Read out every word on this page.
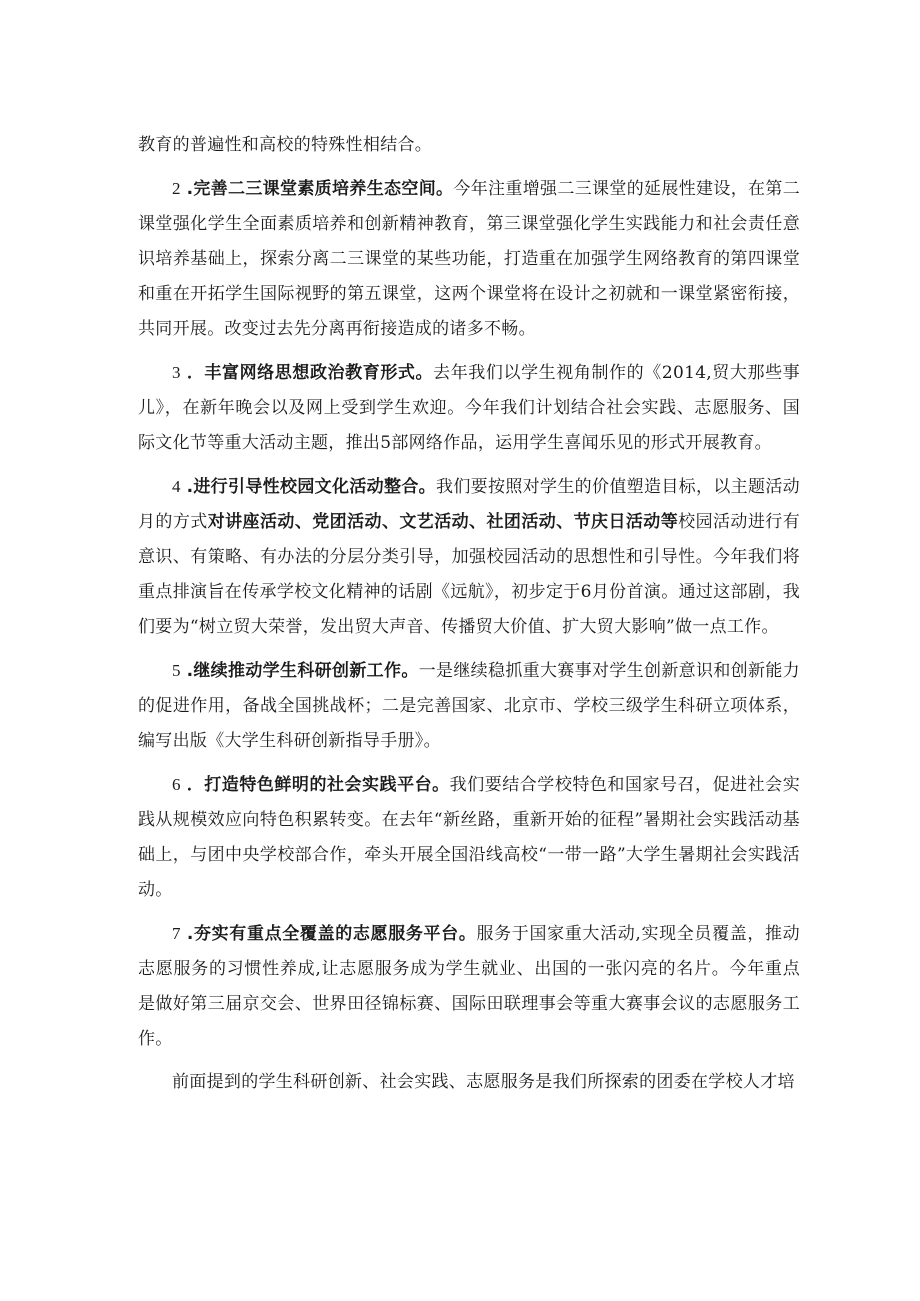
教育的普遍性和高校的特殊性相结合。

2 .完善二三课堂素质培养生态空间。今年注重增强二三课堂的延展性建设，在第二课堂强化学生全面素质培养和创新精神教育，第三课堂强化学生实践能力和社会责任意识培养基础上，探索分离二三课堂的某些功能，打造重在加强学生网络教育的第四课堂和重在开拓学生国际视野的第五课堂，这两个课堂将在设计之初就和一课堂紧密衔接，共同开展。改变过去先分离再衔接造成的诸多不畅。

3 ．丰富网络思想政治教育形式。去年我们以学生视角制作的《2014,贸大那些事儿》，在新年晚会以及网上受到学生欢迎。今年我们计划结合社会实践、志愿服务、国际文化节等重大活动主题，推出5部网络作品，运用学生喜闻乐见的形式开展教育。

4 .进行引导性校园文化活动整合。我们要按照对学生的价值塑造目标，以主题活动月的方式对讲座活动、党团活动、文艺活动、社团活动、节庆日活动等校园活动进行有意识、有策略、有办法的分层分类引导，加强校园活动的思想性和引导性。今年我们将重点排演旨在传承学校文化精神的话剧《远航》，初步定于6月份首演。通过这部剧，我们要为“树立贸大荣誉，发出贸大声音、传播贸大价值、扩大贸大影响”做一点工作。

5 .继续推动学生科研创新工作。一是继续稳抓重大赛事对学生创新意识和创新能力的促进作用，备战全国挑战杯；二是完善国家、北京市、学校三级学生科研立项体系，编写出版《大学生科研创新指导手册》。

6 ．打造特色鲜明的社会实践平台。我们要结合学校特色和国家号召，促进社会实践从规模效应向特色积累转变。在去年“新丝路，重新开始的征程”暑期社会实践活动基础上，与团中央学校部合作，牵头开展全国沿线高校“一带一路”大学生暑期社会实践活动。

7 .夯实有重点全覆盖的志愿服务平台。服务于国家重大活动,实现全员覆盖，推动志愿服务的习惯性养成,让志愿服务成为学生就业、出国的一张闪亮的名片。今年重点是做好第三届京交会、世界田径锦标赛、国际田联理事会等重大赛事会议的志愿服务工作。

前面提到的学生科研创新、社会实践、志愿服务是我们所探索的团委在学校人才培
